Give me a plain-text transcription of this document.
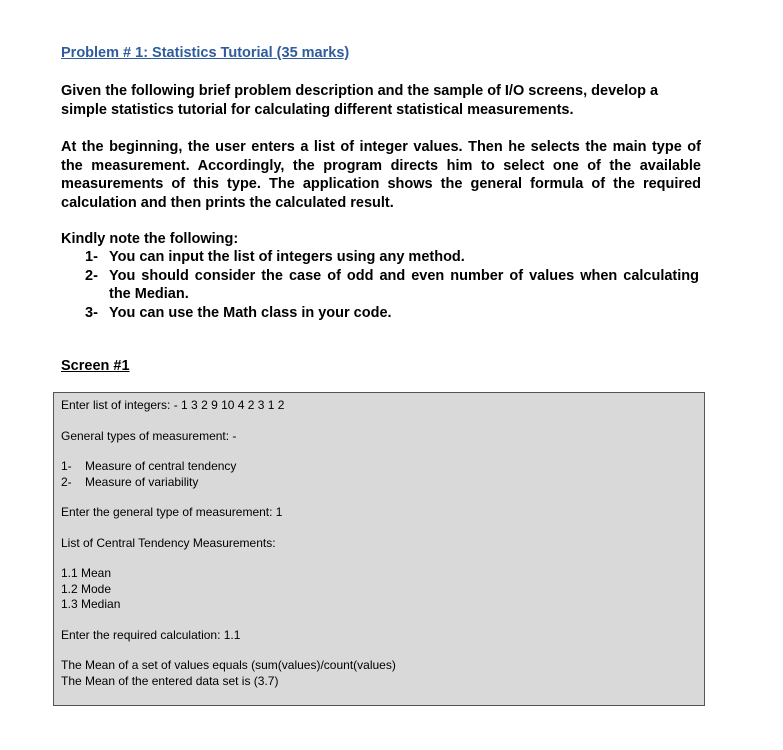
Problem # 1: Statistics Tutorial (35 marks)

Given the following brief problem description and the sample of I/O screens, develop a simple statistics tutorial for calculating different statistical measurements.

At the beginning, the user enters a list of integer values. Then he selects the main type of the measurement. Accordingly, the program directs him to select one of the available measurements of this type. The application shows the general formula of the required calculation and then prints the calculated result.

Kindly note the following:
1- You can input the list of integers using any method.
2- You should consider the case of odd and even number of values when calculating the Median.
3- You can use the Math class in your code.
Screen #1
Enter list of integers: - 1 3 2 9 10 4 2 3 1 2
General types of measurement: -
1-	Measure of central tendency
2-	Measure of variability
Enter the general type of measurement: 1
List of Central Tendency Measurements:
1.1 Mean
1.2 Mode
1.3 Median
Enter the required calculation: 1.1
The Mean of a set of values equals (sum(values)/count(values)
The Mean of the entered data set is (3.7)
